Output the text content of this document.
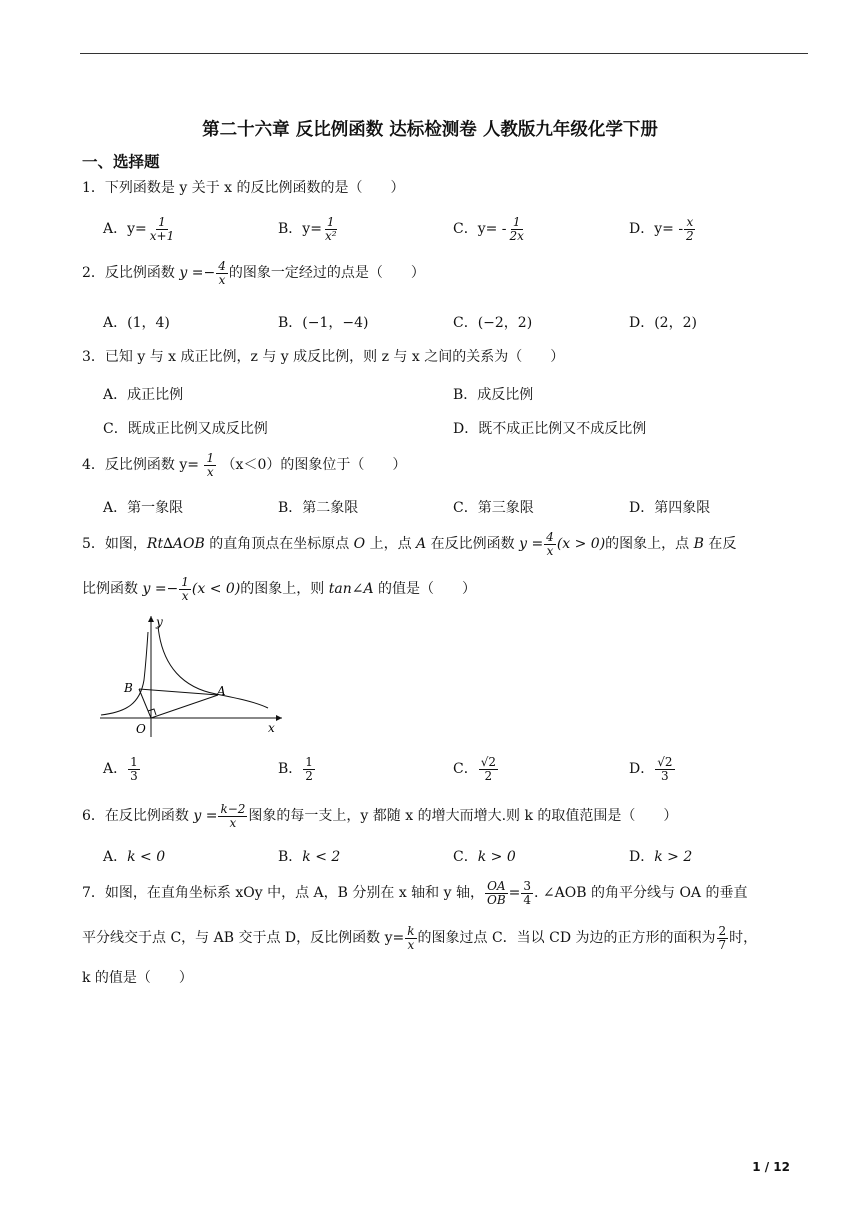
第二十六章 反比例函数 达标检测卷 人教版九年级化学下册
一、选择题
1．下列函数是 y 关于 x 的反比例函数的是（　　）
A．$y= \frac{1}{x+1}$	B．$y= \frac{1}{\text{x²}}$	C．$y= - \frac{1}{2x}$	D．$y= - \frac{x}{2}$
2．反比例函数 $y =- \frac{4}{x}$ 的图象一定经过的点是（　　）
A．(1，4)	B．(−1，−4)	C．(−2，2)	D．(2，2)
3．已知 y 与 x 成正比例，z 与 y 成反比例，则 z 与 x 之间的关系为（　　）
A．成正比例	B．成反比例
C．既成正比例又成反比例	D．既不成正比例又不成反比例
4．反比例函数 $y= \frac{1}{x} (x<0)$的图象位于（　　）
A．第一象限	B．第二象限	C．第三象限	D．第四象限
5．如图，Rt∆AOB 的直角顶点在坐标原点 O 上，点 A 在反比例函数 $y = \frac{4}{x} (x > 0)$的图象上，点 B 在反
比例函数 $y =- \frac{1}{x} (x < 0)$的图象上，则 tan∠A 的值是（　　）
y
x
O
A
B
A． $\frac{1}{3}$	B． $\frac{1}{2}$	C． $\frac{√2}{2}$	D． $\frac{√2}{3}$
6．在反比例函数 $y = \frac{k-2}{x}$ 图象的每一支上，y 都随 x 的增大而增大.则 k 的取值范围是（　　）
A．k < 0	B．k < 2	C．k > 0	D．k > 2
7．如图，在直角坐标系 xOy 中，点 A，B 分别在 x 轴和 y 轴， $\frac{OA}{OB} = \frac{3}{4}$ . ∠AOB 的角平分线与 OA 的垂直
平分线交于点 C，与 AB 交于点 D，反比例函数 $y= \frac{k}{x}$ 的图象过点 C．当以 CD 为边的正方形的面积为 $\frac{2}{7}$ 时，
k 的值是（　　）
1 / 12
